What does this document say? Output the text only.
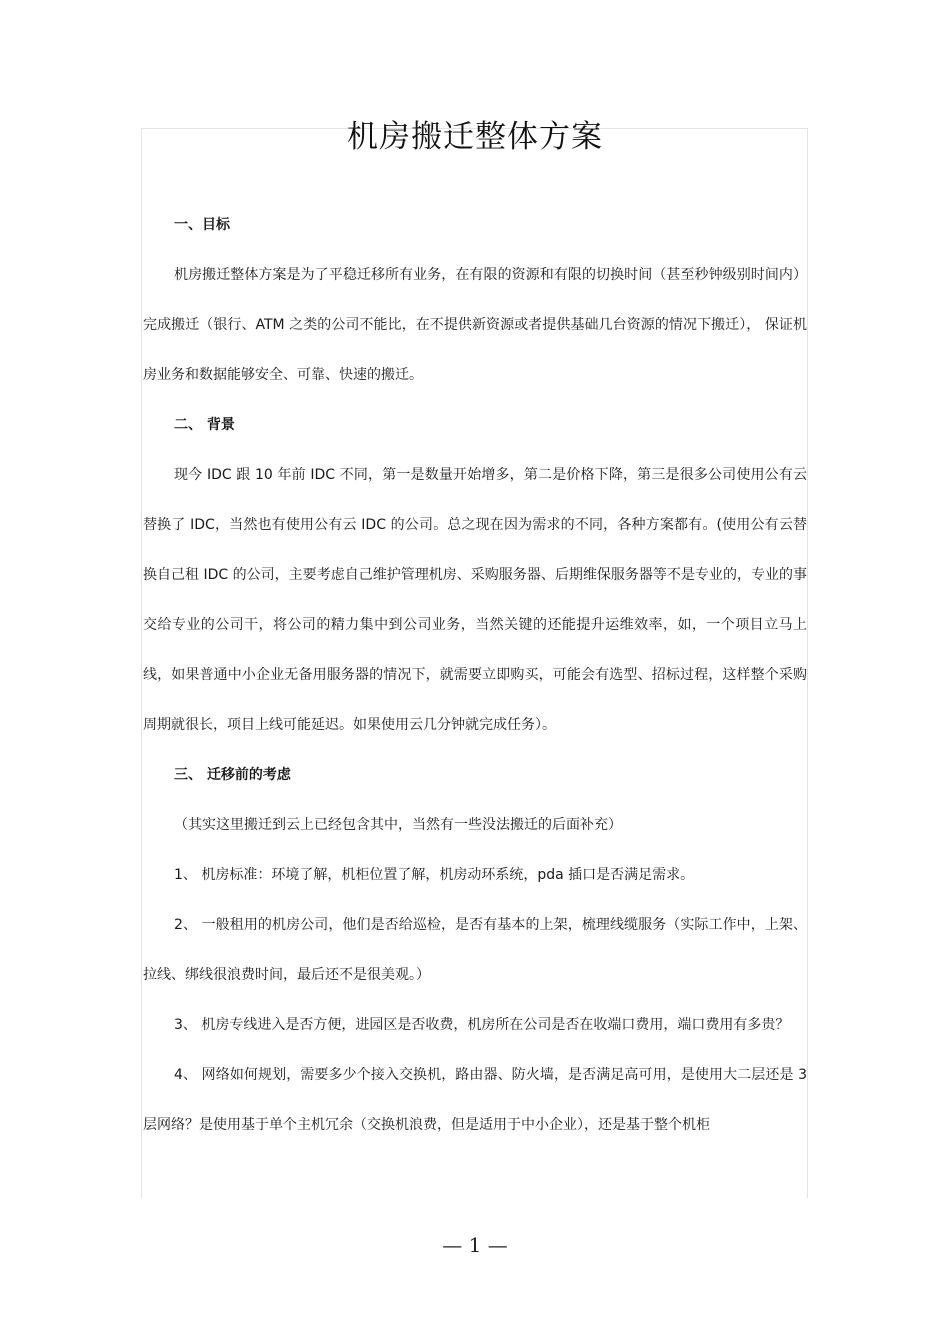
机房搬迁整体方案

一、目标

机房搬迁整体方案是为了平稳迁移所有业务，在有限的资源和有限的切换时间（甚至秒钟级别时间内）完成搬迁（银行、ATM 之类的公司不能比，在不提供新资源或者提供基础几台资源的情况下搬迁）， 保证机房业务和数据能够安全、可靠、快速的搬迁。

二、 背景

现今 IDC 跟 10 年前 IDC 不同，第一是数量开始增多，第二是价格下降，第三是很多公司使用公有云替换了 IDC，当然也有使用公有云 IDC 的公司。总之现在因为需求的不同，各种方案都有。(使用公有云替换自己租 IDC 的公司，主要考虑自己维护管理机房、采购服务器、后期维保服务器等不是专业的，专业的事交给专业的公司干，将公司的精力集中到公司业务，当然关键的还能提升运维效率，如，一个项目立马上线，如果普通中小企业无备用服务器的情况下，就需要立即购买，可能会有选型、招标过程，这样整个采购周期就很长，项目上线可能延迟。如果使用云几分钟就完成任务）。

三、 迁移前的考虑

（其实这里搬迁到云上已经包含其中，当然有一些没法搬迁的后面补充）

1、 机房标准：环境了解，机柜位置了解，机房动环系统，pda 插口是否满足需求。

2、 一般租用的机房公司，他们是否给巡检，是否有基本的上架，梳理线缆服务（实际工作中，上架、拉线、绑线很浪费时间，最后还不是很美观。）

3、 机房专线进入是否方便，进园区是否收费，机房所在公司是否在收端口费用，端口费用有多贵？

4、 网络如何规划，需要多少个接入交换机，路由器、防火墙，是否满足高可用，是使用大二层还是 3 层网络？是使用基于单个主机冗余（交换机浪费，但是适用于中小企业），还是基于整个机柜

— 1 —
